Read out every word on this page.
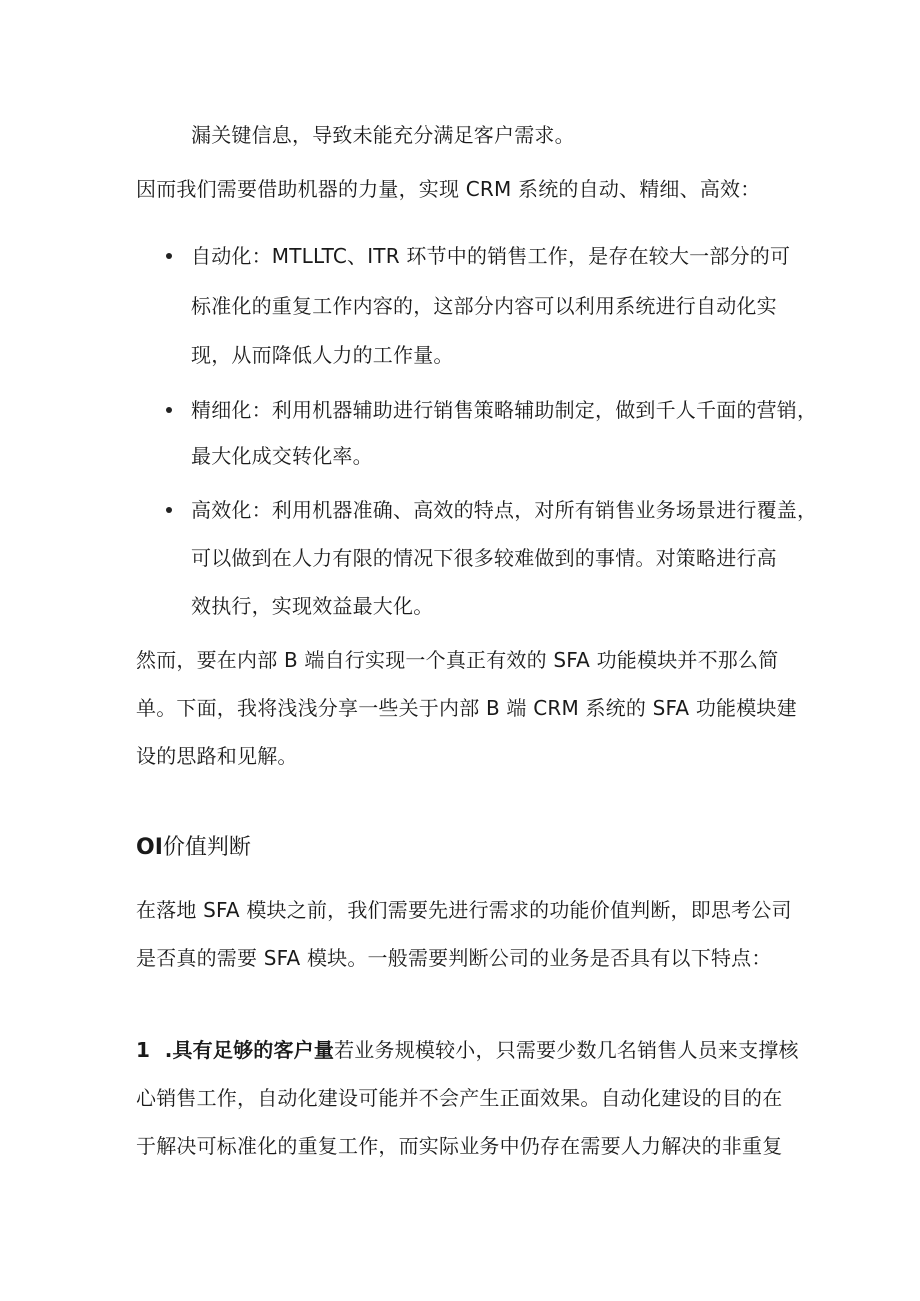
漏关键信息，导致未能充分满足客户需求。
因而我们需要借助机器的力量，实现 CRM 系统的自动、精细、高效：
自动化：MTLLTC、ITR 环节中的销售工作，是存在较大一部分的可
标准化的重复工作内容的，这部分内容可以利用系统进行自动化实
现，从而降低人力的工作量。
精细化：利用机器辅助进行销售策略辅助制定，做到千人千面的营销，
最大化成交转化率。
高效化：利用机器准确、高效的特点，对所有销售业务场景进行覆盖，
可以做到在人力有限的情况下很多较难做到的事情。对策略进行高
效执行，实现效益最大化。
然而，要在内部 B 端自行实现一个真正有效的 SFA 功能模块并不那么简
单。下面，我将浅浅分享一些关于内部 B 端 CRM 系统的 SFA 功能模块建
设的思路和见解。
OI价值判断
在落地 SFA 模块之前，我们需要先进行需求的功能价值判断，即思考公司
是否真的需要 SFA 模块。一般需要判断公司的业务是否具有以下特点：
1 .具有足够的客户量若业务规模较小，只需要少数几名销售人员来支撑核
心销售工作，自动化建设可能并不会产生正面效果。自动化建设的目的在
于解决可标准化的重复工作，而实际业务中仍存在需要人力解决的非重复
